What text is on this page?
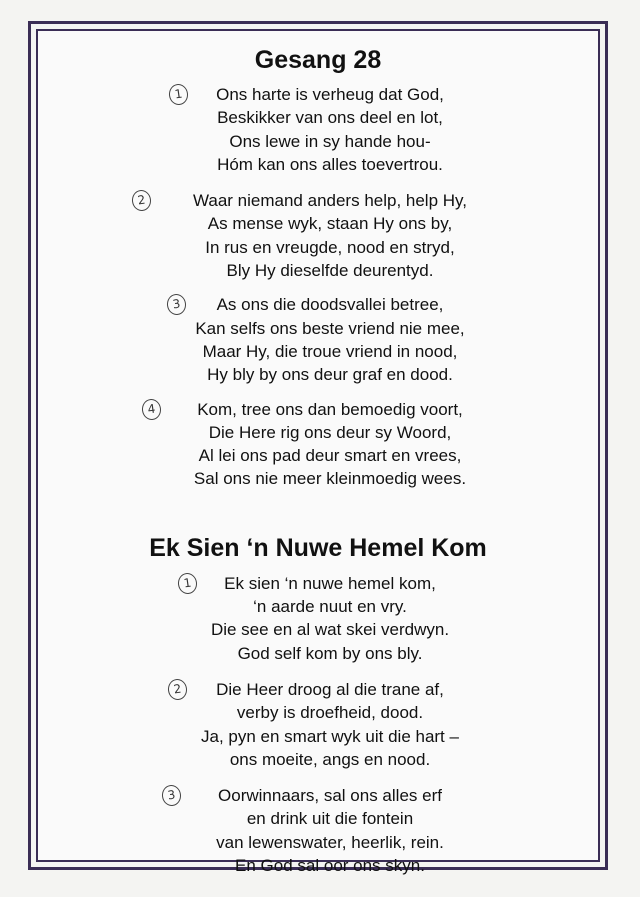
Gesang 28
1	Ons harte is verheug dat God,
Beskikker van ons deel en lot,
Ons lewe in sy hande hou-
Hóm kan ons alles toevertrou.
2	Waar niemand anders help, help Hy,
As mense wyk, staan Hy ons by,
In rus en vreugde, nood en stryd,
Bly Hy dieselfde deurentyd.
3	As ons die doodsvallei betree,
Kan selfs ons beste vriend nie mee,
Maar Hy, die troue vriend in nood,
Hy bly by ons deur graf en dood.
4	Kom, tree ons dan bemoedig voort,
Die Here rig ons deur sy Woord,
Al lei ons pad deur smart en vrees,
Sal ons nie meer kleinmoedig wees.
Ek Sien ‘n Nuwe Hemel Kom
1	Ek sien ‘n nuwe hemel kom,
‘n aarde nuut en vry.
Die see en al wat skei verdwyn.
God self kom by ons bly.
2	Die Heer droog al die trane af,
verby is droefheid, dood.
Ja, pyn en smart wyk uit die hart –
ons moeite, angs en nood.
3	Oorwinnaars, sal ons alles erf
en drink uit die fontein
van lewenswater, heerlik, rein.
En God sal oor ons skyn.
